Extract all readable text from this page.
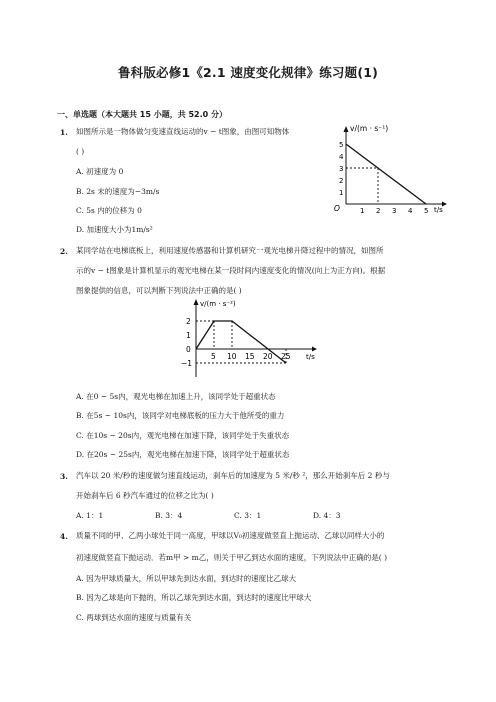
鲁科版必修1《2.1 速度变化规律》练习题(1)
一、单选题（本大题共 15 小题，共 52.0 分）
1. 如图所示是一物体做匀变速直线运动的v − t图象，由图可知物体
( )
A. 初速度为 0
B. 2s 末的速度为−3m/s
C. 5s 内的位移为 0
D. 加速度大小为1m/s²
v/(m · s⁻¹)
t/s
O
5
4
3
2
1
1 2 3 4 5
2. 某同学站在电梯底板上，利用速度传感器和计算机研究一观光电梯升降过程中的情况，如图所
示的v − t图象是计算机显示的观光电梯在某一段时间内速度变化的情况(向上为正方向)。根据
图象提供的信息，可以判断下列说法中正确的是( )
v/(m · s⁻²)
t/s
2
1
0
−1
5 10 15 20 25
A. 在0 ~ 5s内，观光电梯在加速上升，该同学处于超重状态
B. 在5s ~ 10s内，该同学对电梯底板的压力大于他所受的重力
C. 在10s ~ 20s内，观光电梯在加速下降，该同学处于失重状态
D. 在20s ~ 25s内，观光电梯在加速下降，该同学处于超重状态
3. 汽车以 20 米/秒的速度做匀速直线运动，刹车后的加速度为 5 米/秒 ²，那么开始刹车后 2 秒与
开始刹车后 6 秒汽车通过的位移之比为( )
A. 1：1	B. 3：4	C. 3：1	D. 4：3
4. 质量不同的甲、乙两小球处于同一高度，甲球以V₀初速度做竖直上抛运动、乙球以同样大小的
初速度做竖直下抛运动．若m甲 > m乙，则关于甲乙到达水面的速度，下列说法中正确的是( )
A. 因为甲球质量大，所以甲球先到达水面，到达时的速度比乙球大
B. 因为乙球是向下抛的，所以乙球先到达水面，到达时的速度比甲球大
C. 两球到达水面的速度与质量有关
